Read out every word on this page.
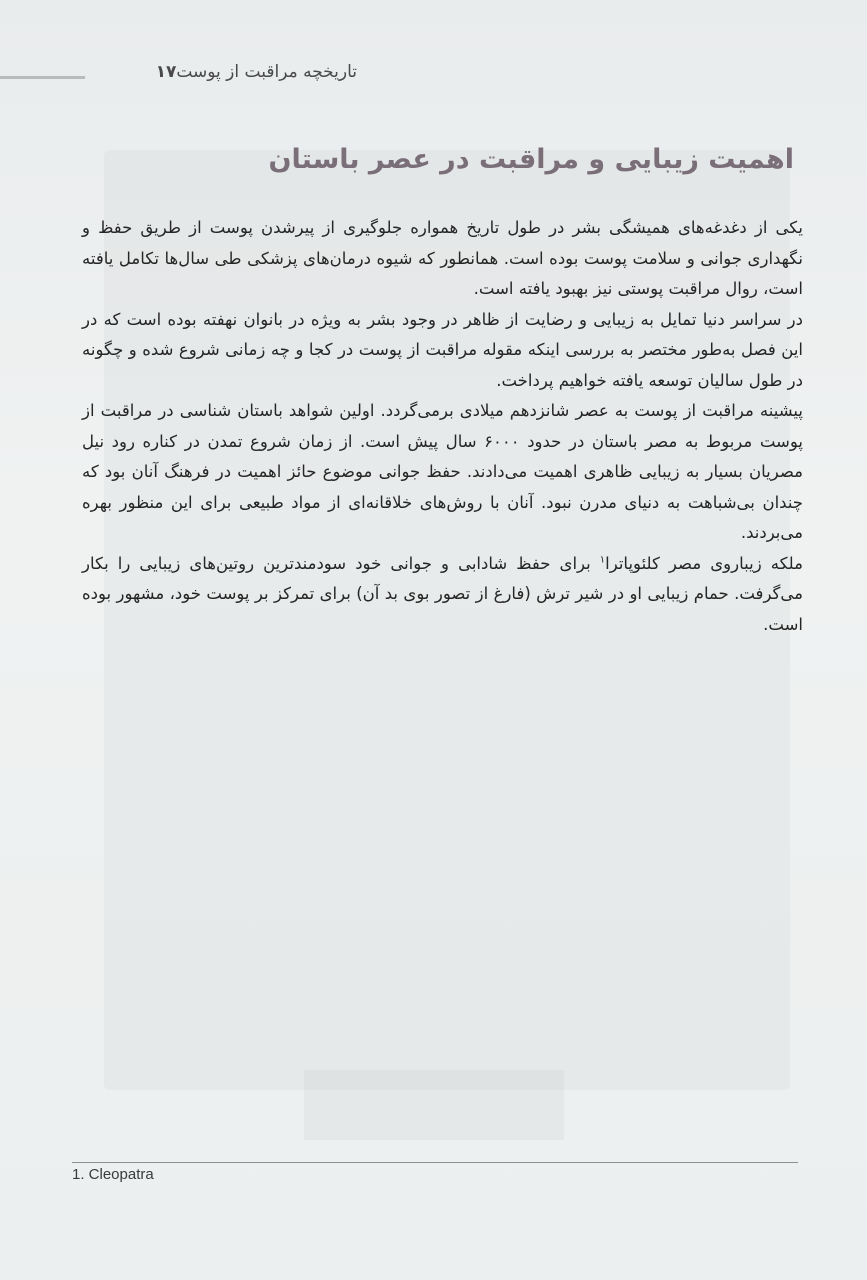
تاریخچه مراقبت از پوست۱۷
اهمیت زیبایی و مراقبت در عصر باستان

یکی از دغدغه‌های همیشگی بشر در طول تاریخ همواره جلوگیری از پیرشدن پوست از طریق حفظ و نگهداری جوانی و سلامت پوست بوده است. همانطور که شیوه درمان‌های پزشکی طی سال‌ها تکامل یافته است، روال مراقبت پوستی نیز بهبود یافته است.

در سراسر دنیا تمایل به زیبایی و رضایت از ظاهر در وجود بشر به ویژه در بانوان نهفته بوده است که در این فصل به‌طور مختصر به بررسی اینکه مقوله مراقبت از پوست در کجا و چه زمانی شروع شده و چگونه در طول سالیان توسعه یافته خواهیم پرداخت.

پیشینه مراقبت از پوست به عصر شانزدهم میلادی برمی‌گردد. اولین شواهد باستان شناسی در مراقبت از پوست مربوط به مصر باستان در حدود ۶۰۰۰ سال پیش است. از زمان شروع تمدن در کناره رود نیل مصریان بسیار به زیبایی ظاهری اهمیت می‌دادند. حفظ جوانی موضوع حائز اهمیت در فرهنگ آنان بود که چندان بی‌شباهت به دنیای مدرن نبود. آنان با روش‌های خلاقانه‌ای از مواد طبیعی برای این منظور بهره می‌بردند.

ملکه زیباروی مصر کلئوپاترا$^۱$ برای حفظ شادابی و جوانی خود سودمندترین روتین‌های زیبایی را بکار می‌گرفت. حمام زیبایی او در شیر ترش (فارغ از تصور بوی بد آن) برای تمرکز بر پوست خود، مشهور بوده است.

1. Cleopatra
